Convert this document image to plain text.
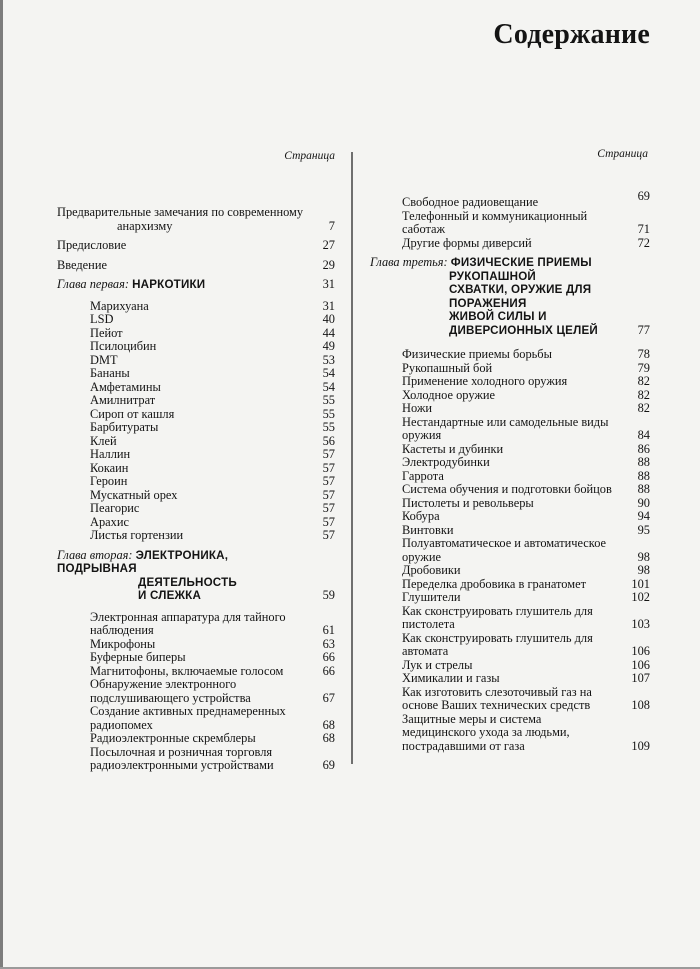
Содержание
Страница
Предварительные замечания по современному
анархизму	7
Предисловие	27
Введение	29
Глава первая: НАРКОТИКИ	31
Марихуана	31
LSD	40
Пейот	44
Псилоцибин	49
DMT	53
Бананы	54
Амфетамины	54
Амилнитрат	55
Сироп от кашля	55
Барбитураты	55
Клей	56
Наллин	57
Кокаин	57
Героин	57
Мускатный орех	57
Пеагорис	57
Арахис	57
Листья гортензии	57
Глава вторая: ЭЛЕКТРОНИКА, ПОДРЫВНАЯ
ДЕЯТЕЛЬНОСТЬ
И СЛЕЖКА	59
Электронная аппаратура для тайного
наблюдения	61
Микрофоны	63
Буферные биперы	66
Магнитофоны, включаемые голосом	66
Обнаружение электронного
подслушивающего устройства	67
Создание активных преднамеренных
радиопомех	68
Радиоэлектронные скремблеры	68
Посылочная и розничная торговля
радиоэлектронными устройствами	69
Страница
Свободное радиовещание	69
Телефонный и коммуникационный
саботаж	71
Другие формы диверсий	72
Глава третья: ФИЗИЧЕСКИЕ ПРИЕМЫ
РУКОПАШНОЙ
СХВАТКИ, ОРУЖИЕ ДЛЯ
ПОРАЖЕНИЯ
ЖИВОЙ СИЛЫ И
ДИВЕРСИОННЫХ ЦЕЛЕЙ	77
Физические приемы борьбы	78
Рукопашный бой	79
Применение холодного оружия	82
Холодное оружие	82
Ножи	82
Нестандартные или самодельные виды
оружия	84
Кастеты и дубинки	86
Электродубинки	88
Гаррота	88
Система обучения и подготовки бойцов	88
Пистолеты и револьверы	90
Кобура	94
Винтовки	95
Полуавтоматическое и автоматическое
оружие	98
Дробовики	98
Переделка дробовика в гранатомет	101
Глушители	102
Как сконструировать глушитель для
пистолета	103
Как сконструировать глушитель для
автомата	106
Лук и стрелы	106
Химикалии и газы	107
Как изготовить слезоточивый газ на
основе Ваших технических средств	108
Защитные меры и система
медицинского ухода за людьми,
пострадавшими от газа	109
